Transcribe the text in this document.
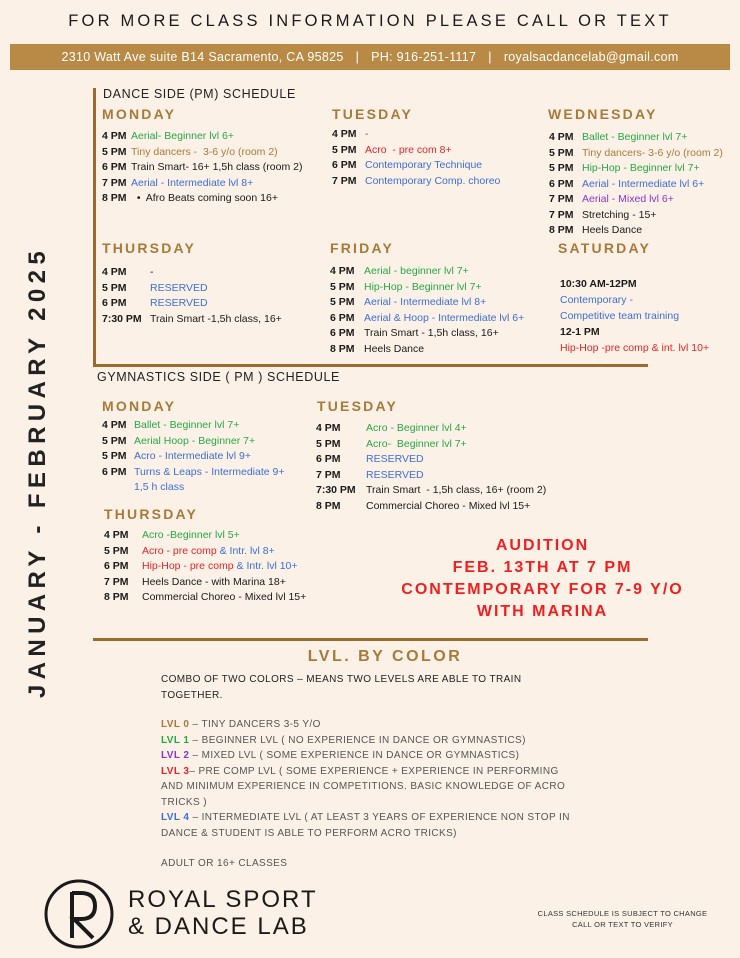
FOR MORE CLASS INFORMATION PLEASE CALL OR TEXT
2310 Watt Ave suite B14 Sacramento, CA 95825 | PH: 916-251-1117 | royalsacdancelab@gmail.com
JANUARY - FEBRUARY 2025
DANCE SIDE (PM) SCHEDULE
MONDAY
4 PM Aerial- Beginner lvl 6+
5 PM Tiny dancers -  3-6 y/o (room 2)
6 PM Train Smart- 16+ 1,5h class (room 2)
7 PM Aerial - Intermediate lvl 8+
8 PM  •  Afro Beats coming soon 16+
TUESDAY
4 PM -
5 PM Acro  - pre com 8+
6 PM Contemporary Technique
7 PM Contemporary Comp. choreo
WEDNESDAY
4 PM Ballet - Beginner lvl 7+
5 PM Tiny dancers- 3-6 y/o (room 2)
5 PM Hip-Hop - Beginner lvl 7+
6 PM Aerial - Intermediate lvl 6+
7 PM Aerial - Mixed lvl 6+
7 PM Stretching - 15+
8 PM Heels Dance
THURSDAY
4 PM -
5 PM RESERVED
6 PM RESERVED
7:30 PM Train Smart -1,5h class, 16+
FRIDAY
4 PM Aerial - beginner lvl 7+
5 PM Hip-Hop - Beginner lvl 7+
5 PM Aerial - Intermediate lvl 8+
6 PM Aerial & Hoop - Intermediate lvl 6+
6 PM Train Smart - 1,5h class, 16+
8 PM Heels Dance
SATURDAY
10:30 AM-12PM
Contemporary -
Competitive team training
12-1 PM
Hip-Hop -pre comp & int. lvl 10+
GYMNASTICS SIDE ( PM ) SCHEDULE
MONDAY
4 PM Ballet - Beginner lvl 7+
5 PM Aerial Hoop - Beginner 7+
5 PM Acro - Intermediate lvl 9+
6 PM Turns & Leaps - Intermediate 9+
1,5 h class
TUESDAY
4 PM Acro - Beginner lvl 4+
5 PM Acro-  Beginner lvl 7+
6 PM RESERVED
7 PM RESERVED
7:30 PM Train Smart  - 1,5h class, 16+ (room 2)
8 PM Commercial Choreo - Mixed lvl 15+
THURSDAY
4 PM Acro -Beginner lvl 5+
5 PM Acro - pre comp & Intr. lvl 8+
6 PM Hip-Hop - pre comp & Intr. lvl 10+
7 PM Heels Dance - with Marina 18+
8 PM Commercial Choreo - Mixed lvl 15+
AUDITION
FEB. 13TH AT 7 PM
CONTEMPORARY FOR 7-9 Y/O
WITH MARINA
LVL. BY COLOR
COMBO OF TWO COLORS – MEANS TWO LEVELS ARE ABLE TO TRAIN TOGETHER.
LVL 0 – TINY DANCERS 3-5 Y/O
LVL 1 – BEGINNER LVL ( NO EXPERIENCE IN DANCE OR GYMNASTICS)
LVL 2 – MIXED LVL ( SOME EXPERIENCE IN DANCE OR GYMNASTICS)
LVL 3– PRE COMP LVL ( SOME EXPERIENCE + EXPERIENCE IN PERFORMING AND MINIMUM EXPERIENCE IN COMPETITIONS. BASIC KNOWLEDGE OF ACRO TRICKS )
LVL 4 – INTERMEDIATE LVL ( AT LEAST 3 YEARS OF EXPERIENCE NON STOP IN DANCE & STUDENT IS ABLE TO PERFORM ACRO TRICKS)
ADULT OR 16+ CLASSES
ROYAL SPORT
& DANCE LAB	CLASS SCHEDULE IS SUBJECT TO CHANGE
CALL OR TEXT TO VERIFY
